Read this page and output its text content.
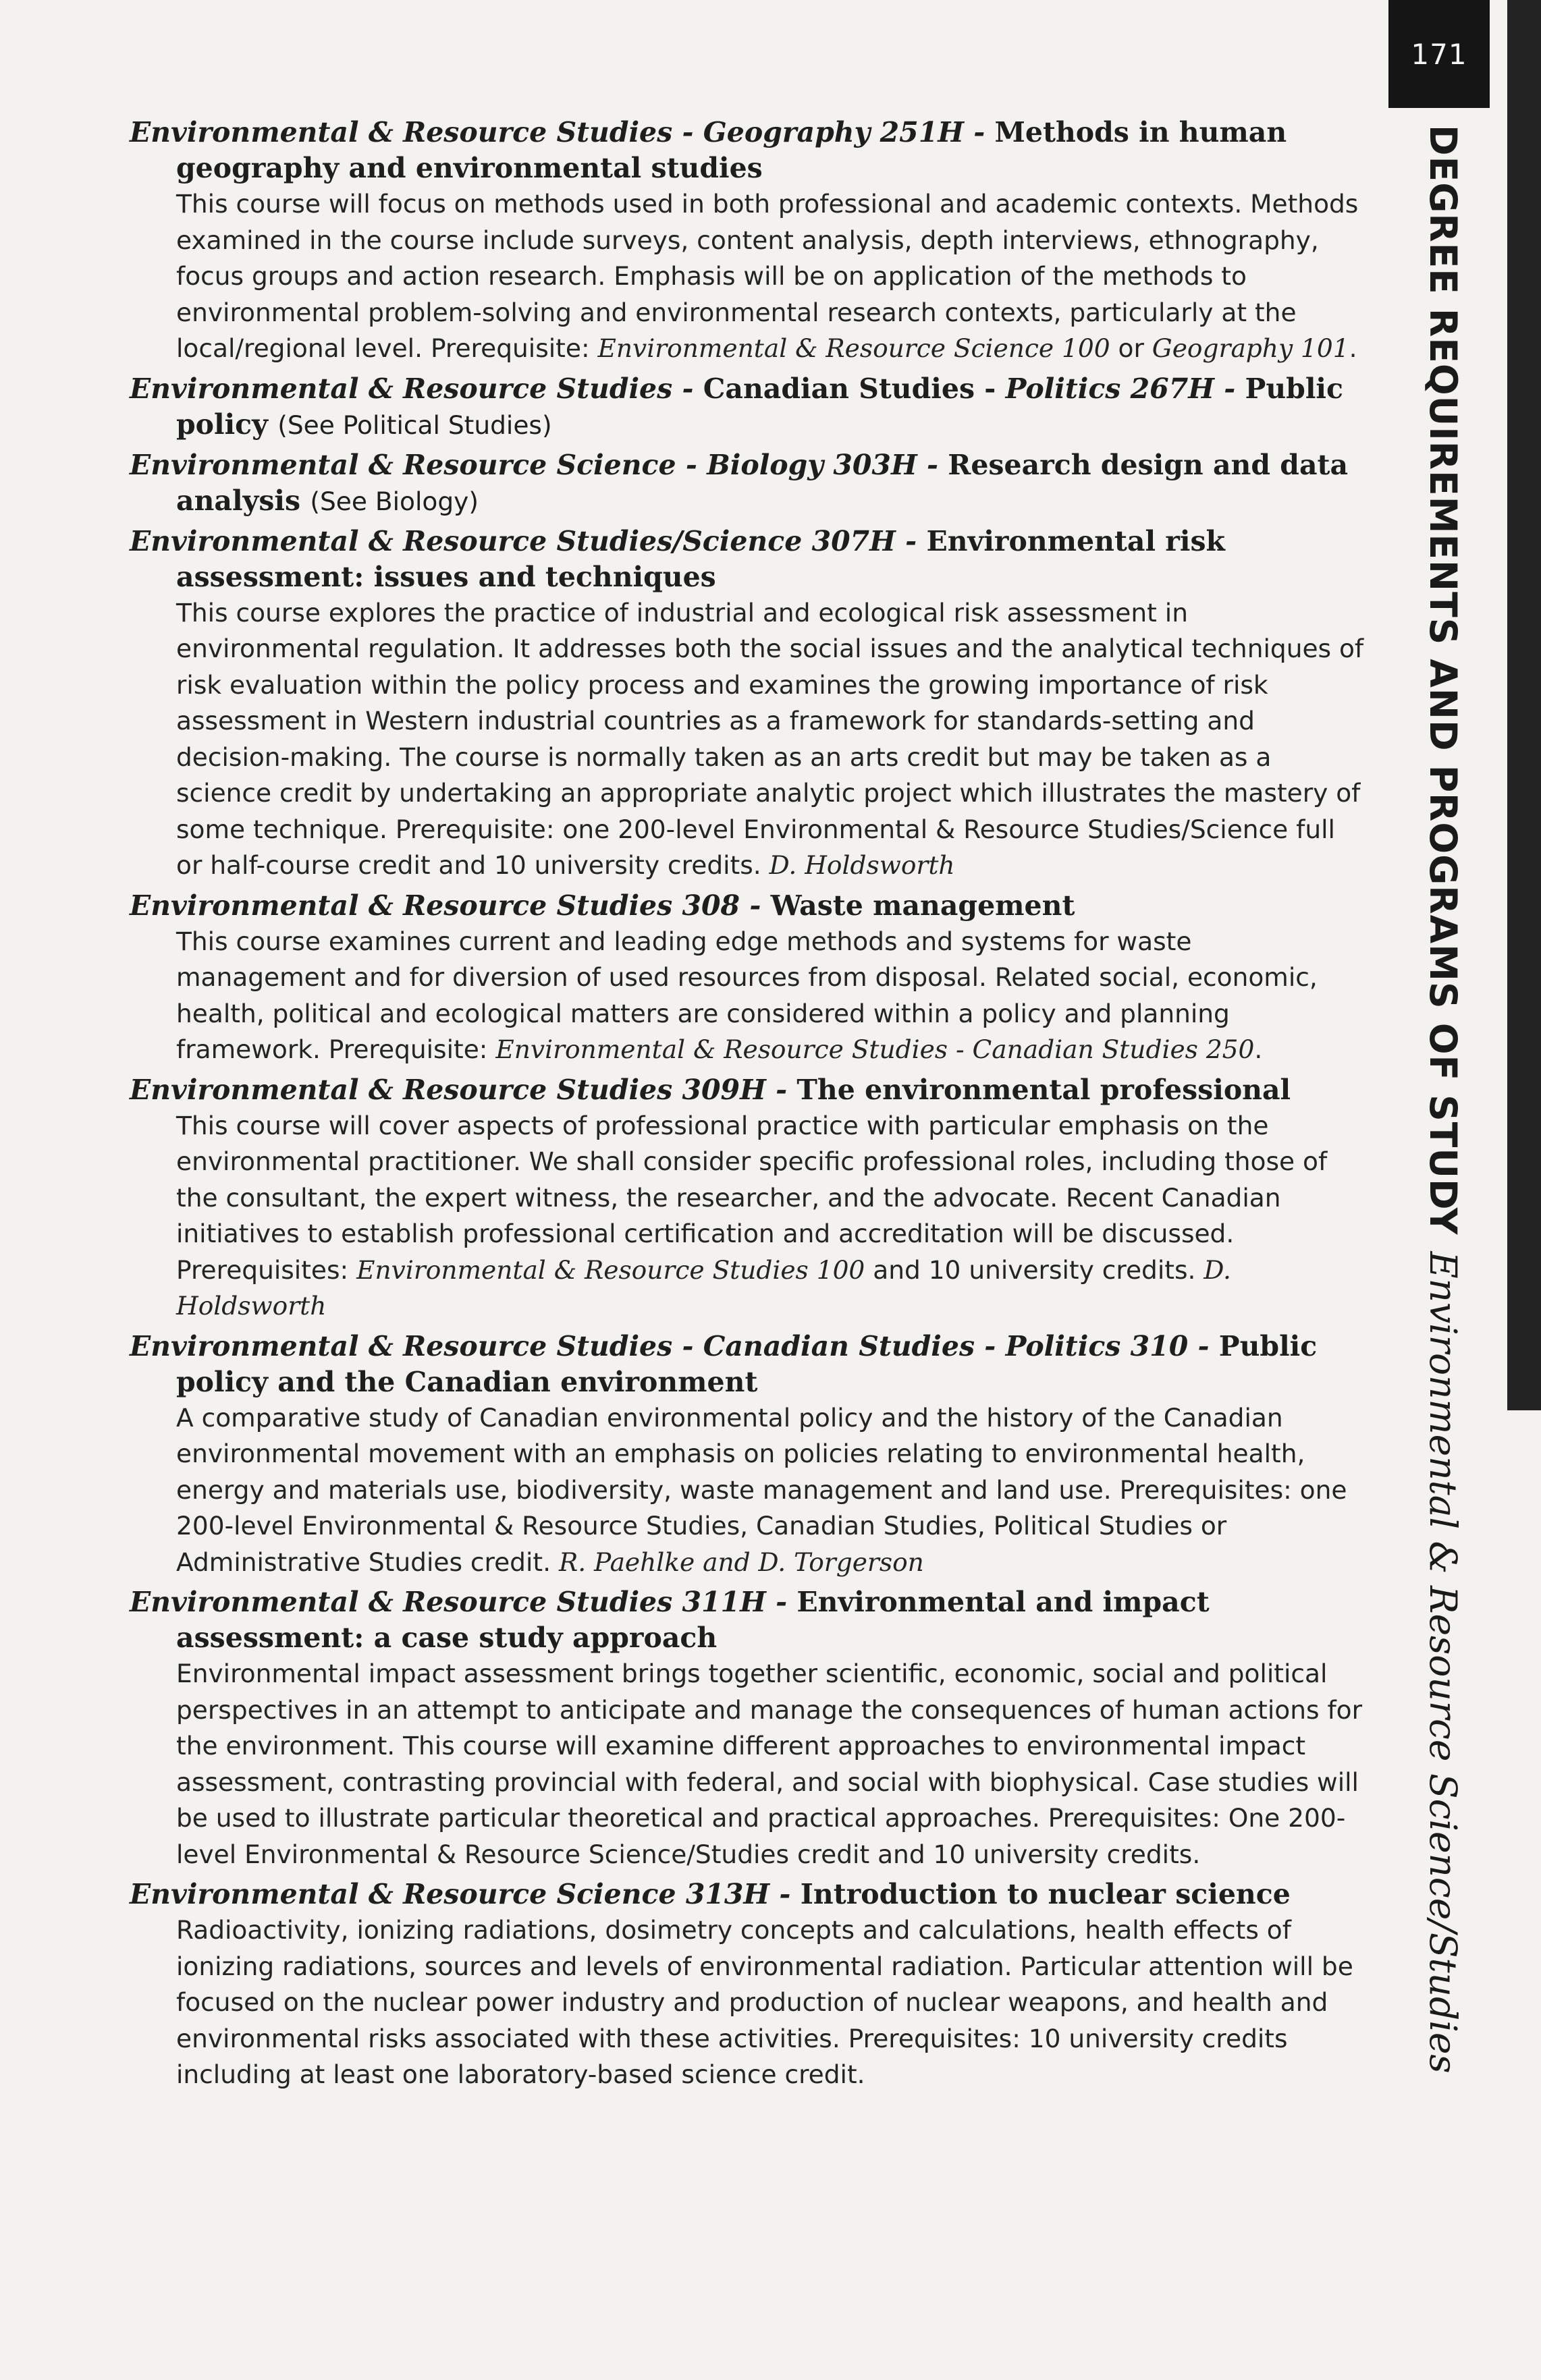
171
DEGREE REQUIREMENTS AND PROGRAMS OF STUDYEnvironmental & Resource Science/Studies
Environmental & Resource Studies - Geography 251H - Methods in human geography and environmental studies
This course will focus on methods used in both professional and academic contexts. Methods examined in the course include surveys, content analysis, depth interviews, ethnography, focus groups and action research. Emphasis will be on application of the methods to environmental problem-solving and environmental research contexts, particularly at the local/regional level. Prerequisite: Environmental & Resource Science 100 or Geography 101.
Environmental & Resource Studies - Canadian Studies - Politics 267H - Public policy (See Political Studies)
Environmental & Resource Science - Biology 303H - Research design and data analysis (See Biology)
Environmental & Resource Studies/Science 307H - Environmental risk assessment: issues and techniques
This course explores the practice of industrial and ecological risk assessment in environmental regulation. It addresses both the social issues and the analytical techniques of risk evaluation within the policy process and examines the growing importance of risk assessment in Western industrial countries as a framework for standards-setting and decision-making. The course is normally taken as an arts credit but may be taken as a science credit by undertaking an appropriate analytic project which illustrates the mastery of some technique. Prerequisite: one 200-level Environmental & Resource Studies/Science full or half-course credit and 10 university credits. D. Holdsworth
Environmental & Resource Studies 308 - Waste management
This course examines current and leading edge methods and systems for waste management and for diversion of used resources from disposal. Related social, economic, health, political and ecological matters are considered within a policy and planning framework. Prerequisite: Environmental & Resource Studies - Canadian Studies 250.
Environmental & Resource Studies 309H - The environmental professional
This course will cover aspects of professional practice with particular emphasis on the environmental practitioner. We shall consider specific professional roles, including those of the consultant, the expert witness, the researcher, and the advocate. Recent Canadian initiatives to establish professional certification and accreditation will be discussed. Prerequisites: Environmental & Resource Studies 100 and 10 university credits. D. Holdsworth
Environmental & Resource Studies - Canadian Studies - Politics 310 - Public policy and the Canadian environment
A comparative study of Canadian environmental policy and the history of the Canadian environmental movement with an emphasis on policies relating to environmental health, energy and materials use, biodiversity, waste management and land use. Prerequisites: one 200-level Environmental & Resource Studies, Canadian Studies, Political Studies or Administrative Studies credit. R. Paehlke and D. Torgerson
Environmental & Resource Studies 311H - Environmental and impact assessment: a case study approach
Environmental impact assessment brings together scientific, economic, social and political perspectives in an attempt to anticipate and manage the consequences of human actions for the environment. This course will examine different approaches to environmental impact assessment, contrasting provincial with federal, and social with biophysical. Case studies will be used to illustrate particular theoretical and practical approaches. Prerequisites: One 200-level Environmental & Resource Science/Studies credit and 10 university credits.
Environmental & Resource Science 313H - Introduction to nuclear science
Radioactivity, ionizing radiations, dosimetry concepts and calculations, health effects of ionizing radiations, sources and levels of environmental radiation. Particular attention will be focused on the nuclear power industry and production of nuclear weapons, and health and environmental risks associated with these activities. Prerequisites: 10 university credits including at least one laboratory-based science credit.
